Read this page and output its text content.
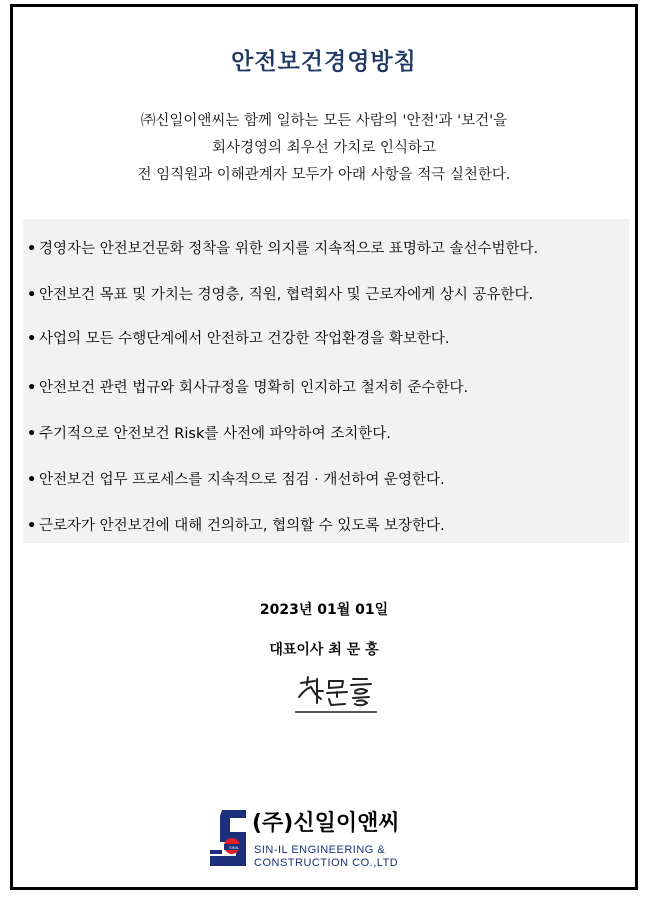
안전보건경영방침
㈜신일이앤씨는 함께 일하는 모든 사람의 '안전'과 '보건'을
회사경영의 최우선 가치로 인식하고
전 임직원과 이해관계자 모두가 아래 사항을 적극 실천한다.
• 경영자는 안전보건문화 정착을 위한 의지를 지속적으로 표명하고 솔선수범한다.
• 안전보건 목표 및 가치는 경영층, 직원, 협력회사 및 근로자에게 상시 공유한다.
• 사업의 모든 수행단계에서 안전하고 건강한 작업환경을 확보한다.
• 안전보건 관련 법규와 회사규정을 명확히 인지하고 철저히 준수한다.
• 주기적으로 안전보건 Risk를 사전에 파악하여 조치한다.
• 안전보건 업무 프로세스를 지속적으로 점검 · 개선하여 운영한다.
• 근로자가 안전보건에 대해 건의하고, 협의할 수 있도록 보장한다.
2023년 01월 01일
대표이사 최 문 홍
SINIL
(주)신일이앤씨
SIN-IL ENGINEERING &
CONSTRUCTION CO.,LTD
